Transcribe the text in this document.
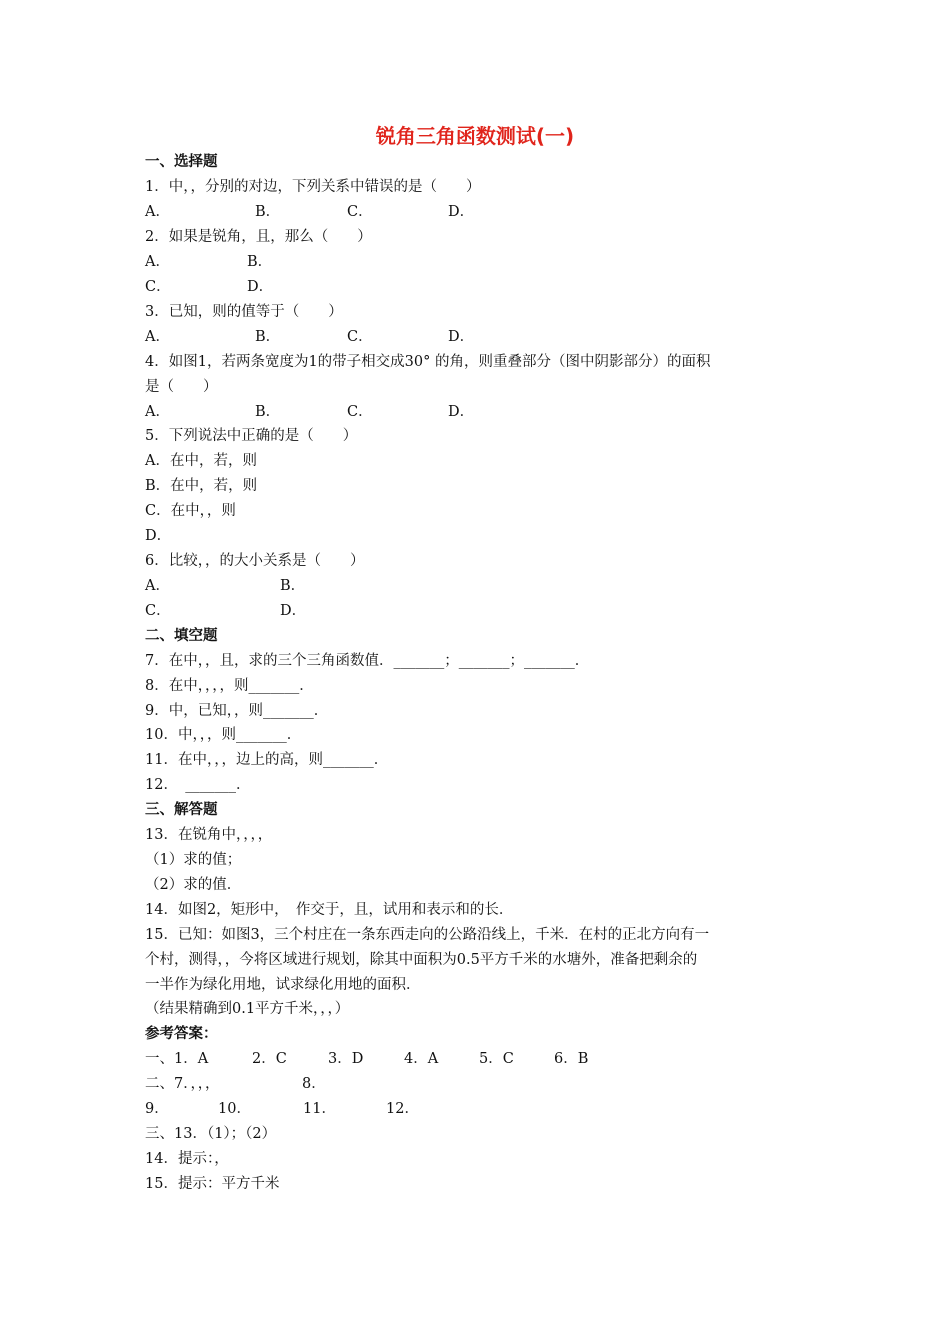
锐角三角函数测试(一)
一、选择题
1．中，，分别的对边，下列关系中错误的是（　　）
A．	B．	C．	D．
2．如果是锐角，且，那么（　　）
A．	B．
C．	D．
3．已知，则的值等于（　　）
A．	B．	C．	D．
4．如图1，若两条宽度为1的带子相交成30° 的角，则重叠部分（图中阴影部分）的面积
是（　　）
A．	B．	C．	D．
5．下列说法中正确的是（　　）
A．在中，若，则
B．在中，若，则
C．在中，，则
D．
6．比较，，的大小关系是（　　）
A．	B．
C．	D．
二、填空题
7．在中，，且，求的三个三角函数值．_______；_______；_______．
8．在中，，，，则_______．
9．中，已知，，则_______．
10．中，，，则_______．
11．在中，，，边上的高，则_______．
12．　_______．
三、解答题
13．在锐角中，，，，
（1）求的值；
（2）求的值．
14．如图2，矩形中，　作交于，且，试用和表示和的长．
15．已知：如图3，三个村庄在一条东西走向的公路沿线上，千米．在村的正北方向有一
个村，测得，，今将区域进行规划，除其中面积为0.5平方千米的水塘外，准备把剩余的
一半作为绿化用地，试求绿化用地的面积．
（结果精确到0.1平方千米，，，）
参考答案：
一、1．A	2．C	3．D	4．A	5．C	6．B
二、7．，，，	8．
9．	10．	11．	12．
三、13．（1）；（2）
14．提示：，
15．提示：平方千米
